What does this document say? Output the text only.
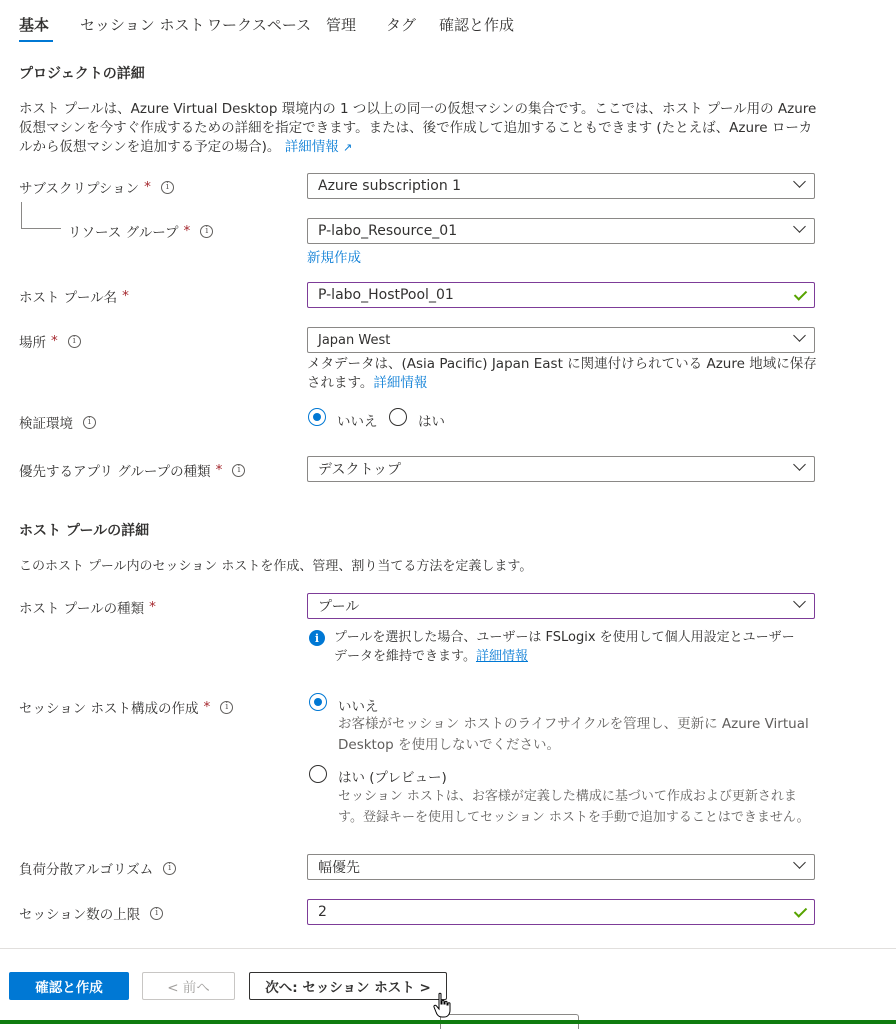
基本 セッション ホスト ワークスペース 管理 タグ 確認と作成
プロジェクトの詳細
ホスト プールは、Azure Virtual Desktop 環境内の 1 つ以上の同一の仮想マシンの集合です。ここでは、ホスト プール用の Azure 仮想マシンを今すぐ作成するための詳細を指定できます。または、後で作成して追加することもできます (たとえば、Azure ローカルから仮想マシンを追加する予定の場合)。 詳細情報 ↗
サブスクリプション *	i	Azure subscription 1
リソース グループ *	i	P-labo_Resource_01
新規作成
ホスト プール名 *	P-labo_HostPool_01
場所 *	i	Japan West
メタデータは、(Asia Pacific) Japan East に関連付けられている Azure 地域に保存されます。詳細情報
検証環境	i	いいえ	はい
優先するアプリ グループの種類 *	i	デスクトップ
ホスト プールの詳細
このホスト プール内のセッション ホストを作成、管理、割り当てる方法を定義します。
ホスト プールの種類 *	プール
i	プールを選択した場合、ユーザーは FSLogix を使用して個人用設定とユーザー データを維持できます。詳細情報
セッション ホスト構成の作成 *	i	いいえ
お客様がセッション ホストのライフサイクルを管理し、更新に Azure Virtual Desktop を使用しないでください。
はい (プレビュー)
セッション ホストは、お客様が定義した構成に基づいて作成および更新されます。登録キーを使用してセッション ホストを手動で追加することはできません。
負荷分散アルゴリズム	i	幅優先
セッション数の上限	i	2
確認と作成	< 前へ	次へ: セッション ホスト >
